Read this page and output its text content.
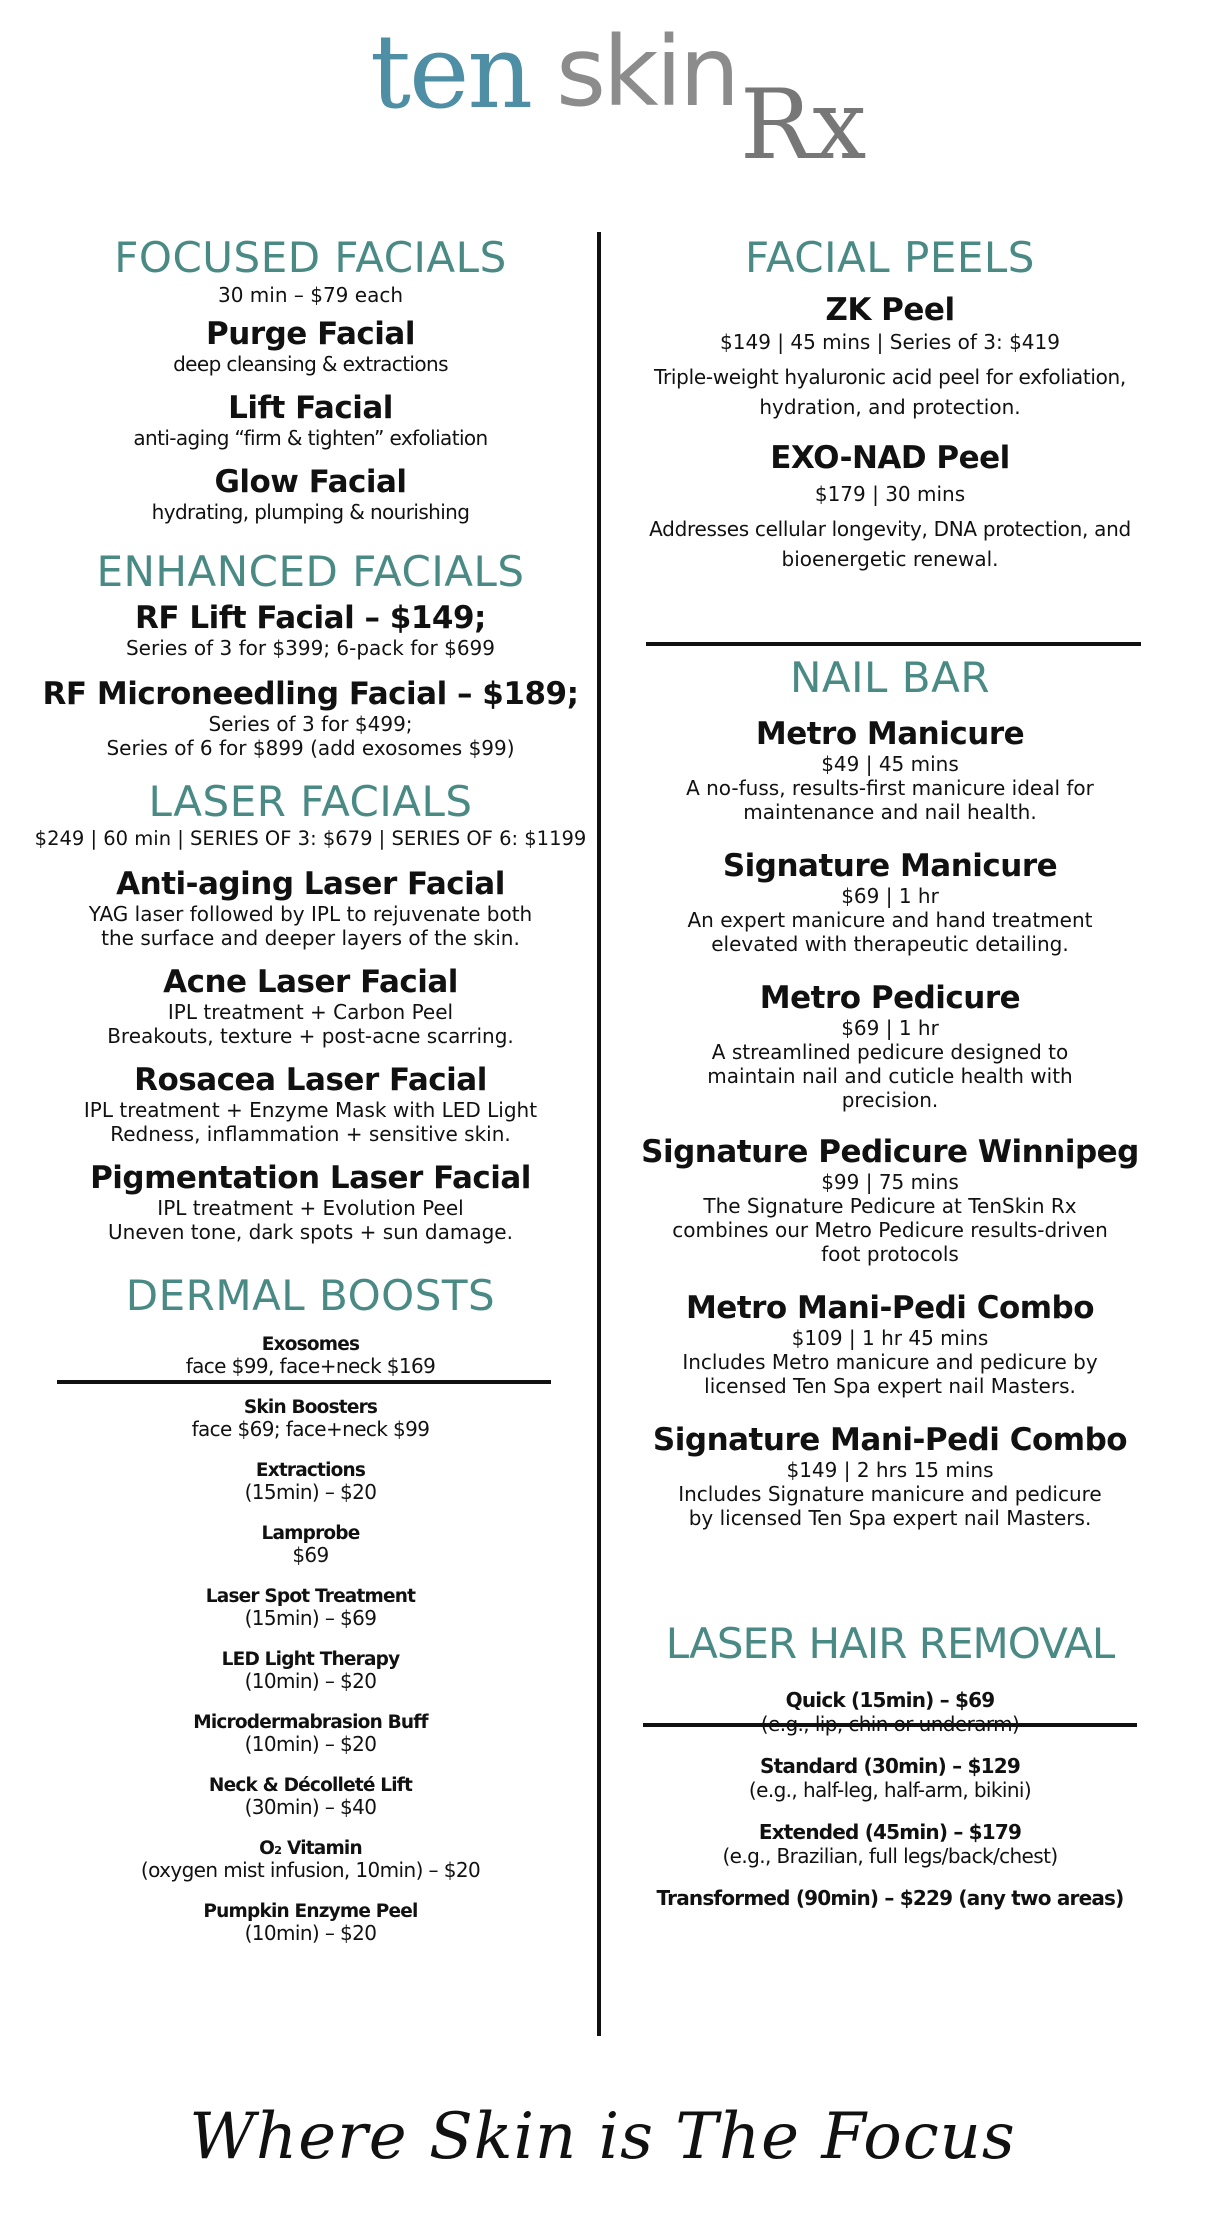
ten skin Rx
FOCUSED FACIALS
30 min – $79 each
Purge Facial
deep cleansing & extractions
Lift Facial
anti-aging “firm & tighten” exfoliation
Glow Facial
hydrating, plumping & nourishing
ENHANCED FACIALS
RF Lift Facial – $149;
Series of 3 for $399; 6-pack for $699
RF Microneedling Facial – $189;
Series of 3 for $499;
Series of 6 for $899 (add exosomes $99)
LASER FACIALS
$249 | 60 min | SERIES OF 3: $679 | SERIES OF 6: $1199
Anti-aging Laser Facial
YAG laser followed by IPL to rejuvenate both
the surface and deeper layers of the skin.
Acne Laser Facial
IPL treatment + Carbon Peel
Breakouts, texture + post-acne scarring.
Rosacea Laser Facial
IPL treatment + Enzyme Mask with LED Light
Redness, inflammation + sensitive skin.
Pigmentation Laser Facial
IPL treatment + Evolution Peel
Uneven tone, dark spots + sun damage.
DERMAL BOOSTS
Exosomes
face $99, face+neck $169
Skin Boosters
face $69; face+neck $99
Extractions
(15min) – $20
Lamprobe
$69
Laser Spot Treatment
(15min) – $69
LED Light Therapy
(10min) – $20
Microdermabrasion Buff
(10min) – $20
Neck & Décolleté Lift
(30min) – $40
O₂ Vitamin
(oxygen mist infusion, 10min) – $20
Pumpkin Enzyme Peel
(10min) – $20
FACIAL PEELS
ZK Peel
$149 | 45 mins | Series of 3: $419
Triple-weight hyaluronic acid peel for exfoliation,
hydration, and protection.
EXO-NAD Peel
$179 | 30 mins
Addresses cellular longevity, DNA protection, and
bioenergetic renewal.
NAIL BAR
Metro Manicure
$49 | 45 mins
A no-fuss, results-first manicure ideal for
maintenance and nail health.
Signature Manicure
$69 | 1 hr
An expert manicure and hand treatment
elevated with therapeutic detailing.
Metro Pedicure
$69 | 1 hr
A streamlined pedicure designed to
maintain nail and cuticle health with
precision.
Signature Pedicure Winnipeg
$99 | 75 mins
The Signature Pedicure at TenSkin Rx
combines our Metro Pedicure results-driven
foot protocols
Metro Mani-Pedi Combo
$109 | 1 hr 45 mins
Includes Metro manicure and pedicure by
licensed Ten Spa expert nail Masters.
Signature Mani-Pedi Combo
$149 | 2 hrs 15 mins
Includes Signature manicure and pedicure
by licensed Ten Spa expert nail Masters.
LASER HAIR REMOVAL
Quick (15min) – $69
(e.g., lip, chin or underarm)
Standard (30min) – $129
(e.g., half-leg, half-arm, bikini)
Extended (45min) – $179
(e.g., Brazilian, full legs/back/chest)
Transformed (90min) – $229 (any two areas)
Where Skin is The Focus
